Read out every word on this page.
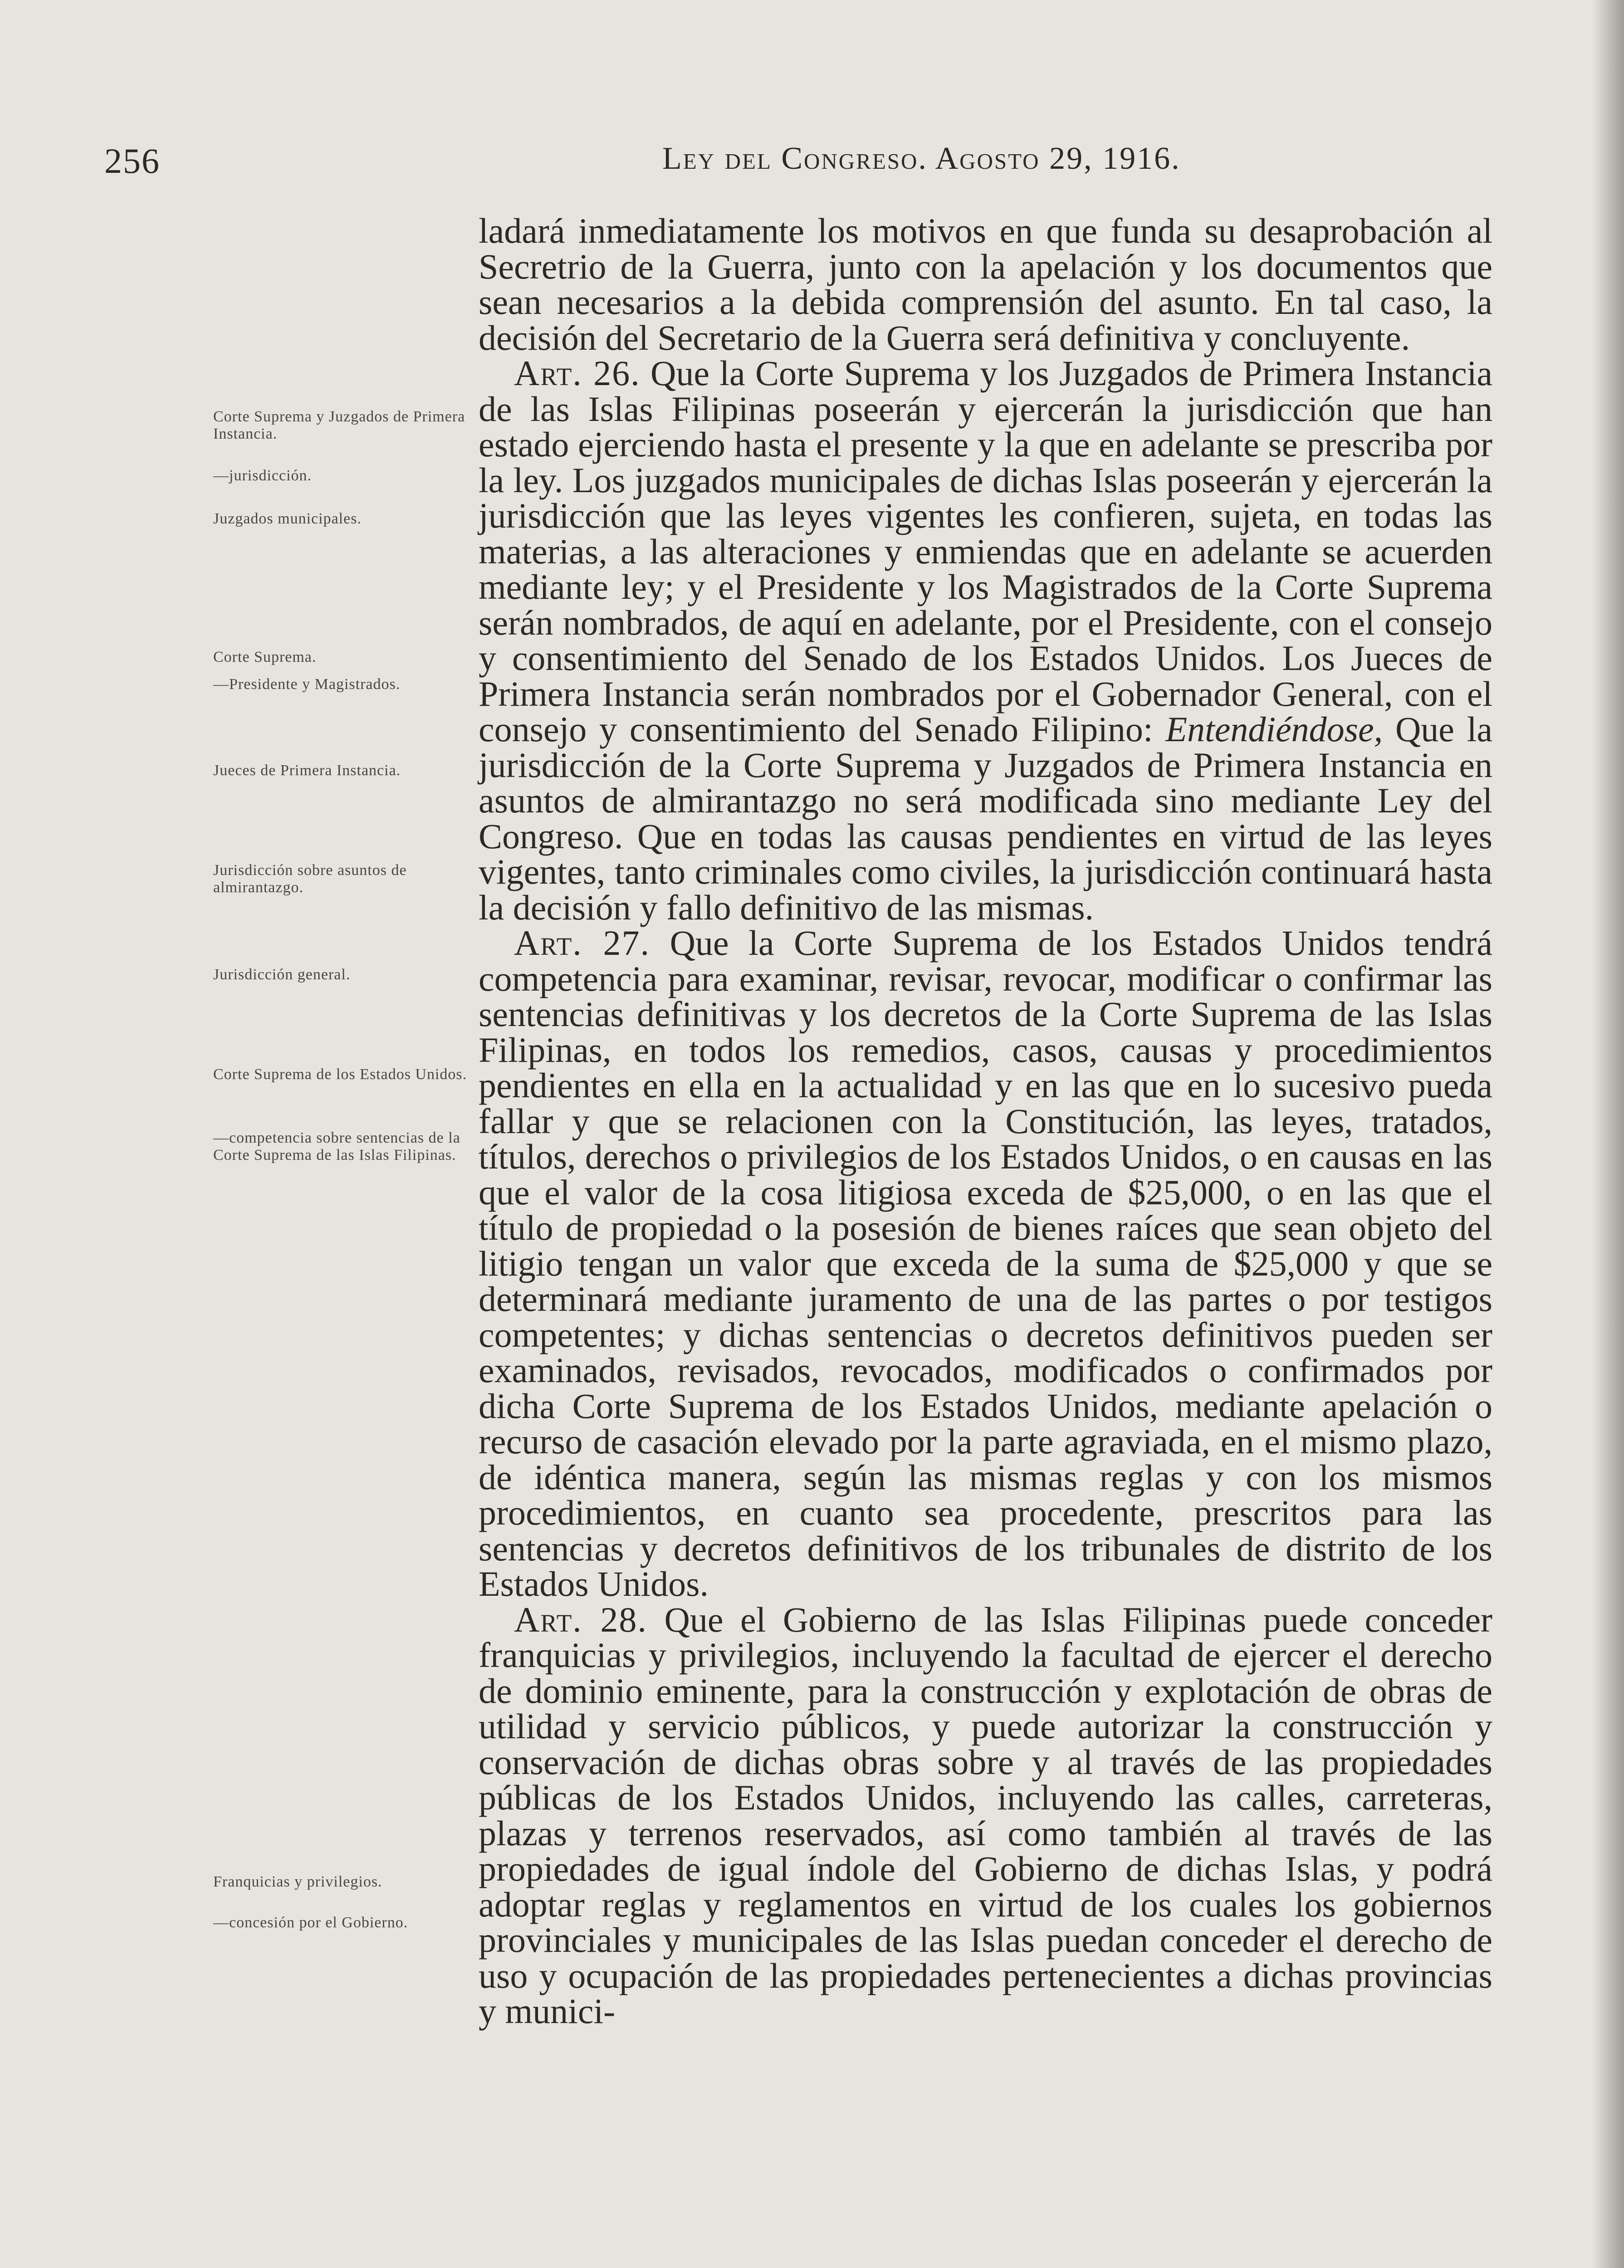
256	Ley del Congreso. Agosto 29, 1916.
Corte Suprema y Juzgados de Primera Instancia.
—jurisdicción.
Juzgados municipales.
Corte Suprema.
—Presidente y Magistrados.
Jueces de Primera Instancia.
Jurisdicción sobre asuntos de almirantazgo.
Jurisdicción general.
Corte Suprema de los Estados Unidos.
—competencia sobre sentencias de la Corte Suprema de las Islas Filipinas.
Franquicias y privilegios.
—concesión por el Gobierno.

ladará inmediatamente los motivos en que funda su desaprobación al Secretrio de la Guerra, junto con la apelación y los documentos que sean necesarios a la debida comprensión del asunto. En tal caso, la decisión del Secretario de la Guerra será definitiva y concluyente.

 Art. 26. Que la Corte Suprema y los Juzgados de Primera Instancia de las Islas Filipinas poseerán y ejercerán la jurisdicción que han estado ejerciendo hasta el presente y la que en adelante se prescriba por la ley. Los juzgados municipales de dichas Islas poseerán y ejercerán la jurisdicción que las leyes vigentes les confieren, sujeta, en todas las materias, a las alteraciones y enmiendas que en adelante se acuerden mediante ley; y el Presidente y los Magistrados de la Corte Suprema serán nombrados, de aquí en adelante, por el Presidente, con el consejo y consentimiento del Senado de los Estados Unidos. Los Jueces de Primera Instancia serán nombrados por el Gobernador General, con el consejo y consentimiento del Senado Filipino: Entendiéndose, Que la jurisdicción de la Corte Suprema y Juzgados de Primera Instancia en asuntos de almirantazgo no será modificada sino mediante Ley del Congreso. Que en todas las causas pendientes en virtud de las leyes vigentes, tanto criminales como civiles, la jurisdicción continuará hasta la decisión y fallo definitivo de las mismas.

 Art. 27. Que la Corte Suprema de los Estados Unidos tendrá competencia para examinar, revisar, revocar, modificar o confirmar las sentencias definitivas y los decretos de la Corte Suprema de las Islas Filipinas, en todos los remedios, casos, causas y procedimientos pendientes en ella en la actualidad y en las que en lo sucesivo pueda fallar y que se relacionen con la Constitución, las leyes, tratados, títulos, derechos o privilegios de los Estados Unidos, o en causas en las que el valor de la cosa litigiosa exceda de $25,000, o en las que el título de propiedad o la posesión de bienes raíces que sean objeto del litigio tengan un valor que exceda de la suma de $25,000 y que se determinará mediante juramento de una de las partes o por testigos competentes; y dichas sentencias o decretos definitivos pueden ser examinados, revisados, revocados, modificados o confirmados por dicha Corte Suprema de los Estados Unidos, mediante apelación o recurso de casación elevado por la parte agraviada, en el mismo plazo, de idéntica manera, según las mismas reglas y con los mismos procedimientos, en cuanto sea procedente, prescritos para las sentencias y decretos definitivos de los tribunales de distrito de los Estados Unidos.

 Art. 28. Que el Gobierno de las Islas Filipinas puede conceder franquicias y privilegios, incluyendo la facultad de ejercer el derecho de dominio eminente, para la construcción y explotación de obras de utilidad y servicio públicos, y puede autorizar la construcción y conservación de dichas obras sobre y al través de las propiedades públicas de los Estados Unidos, incluyendo las calles, carreteras, plazas y terrenos reservados, así como también al través de las propiedades de igual índole del Gobierno de dichas Islas, y podrá adoptar reglas y reglamentos en virtud de los cuales los gobiernos provinciales y municipales de las Islas puedan conceder el derecho de uso y ocupación de las propiedades pertenecientes a dichas provincias y munici-
